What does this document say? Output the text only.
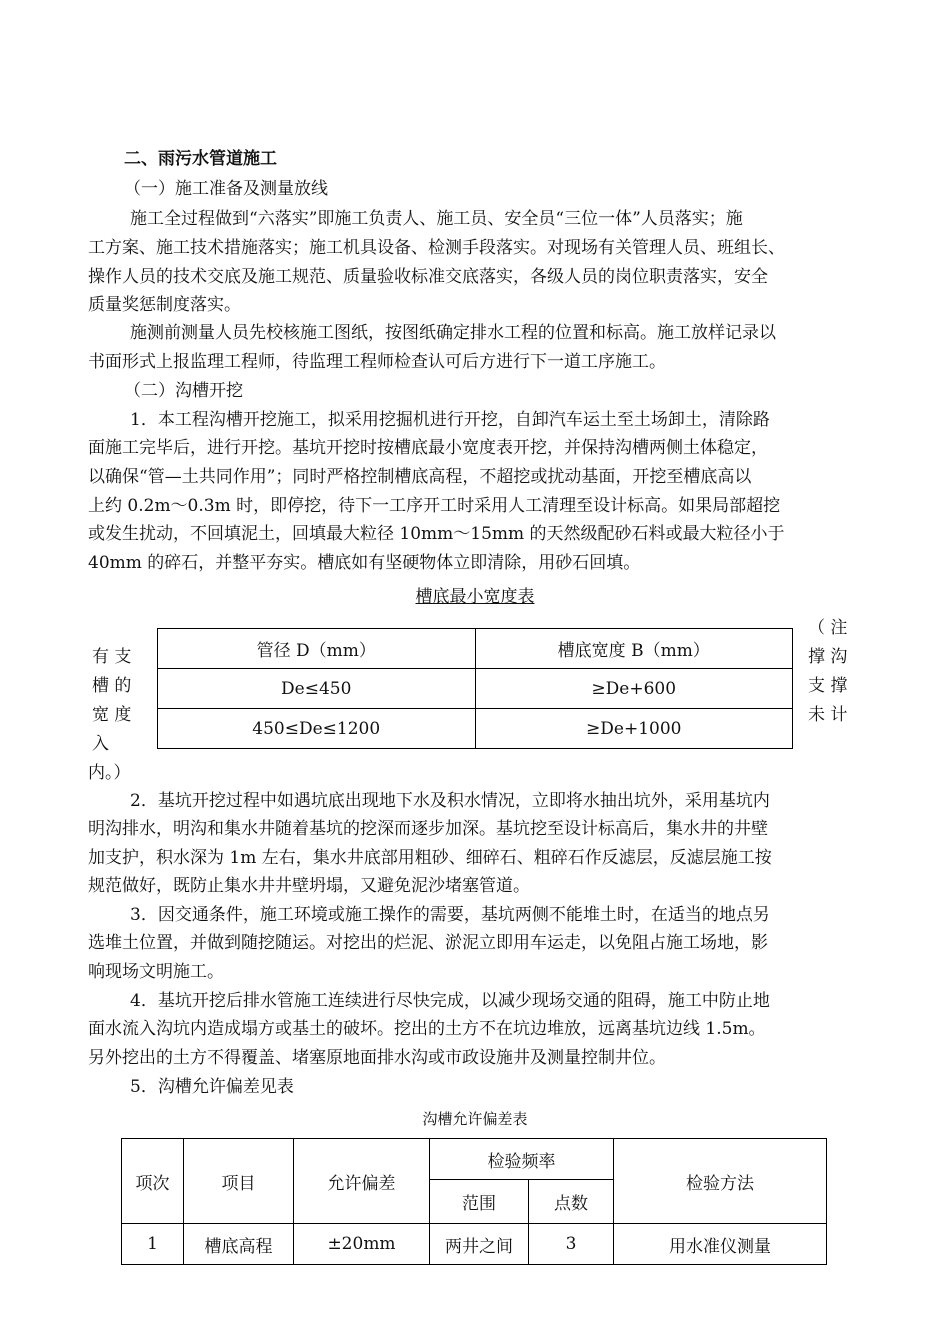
二、雨污水管道施工
（一）施工准备及测量放线
施工全过程做到“六落实”即施工负责人、施工员、安全员“三位一体”人员落实；施
工方案、施工技术措施落实；施工机具设备、检测手段落实。对现场有关管理人员、班组长、
操作人员的技术交底及施工规范、质量验收标准交底落实，各级人员的岗位职责落实，安全
质量奖惩制度落实。
施测前测量人员先校核施工图纸，按图纸确定排水工程的位置和标高。施工放样记录以
书面形式上报监理工程师，待监理工程师检查认可后方进行下一道工序施工。
（二）沟槽开挖
1．本工程沟槽开挖施工，拟采用挖掘机进行开挖，自卸汽车运土至土场卸土，清除路
面施工完毕后，进行开挖。基坑开挖时按槽底最小宽度表开挖，并保持沟槽两侧土体稳定，
以确保“管—土共同作用”；同时严格控制槽底高程，不超挖或扰动基面，开挖至槽底高以
上约 0.2m～0.3m 时，即停挖，待下一工序开工时采用人工清理至设计标高。如果局部超挖
或发生扰动，不回填泥土，回填最大粒径 10mm～15mm 的天然级配砂石料或最大粒径小于
40mm 的碎石，并整平夯实。槽底如有坚硬物体立即清除，用砂石回填。
槽底最小宽度表
（ 注
撑 沟
支 撑
未 计
有 支
槽 的
宽 度
入
管径 D（mm）	槽底宽度 B（mm）
De≤450	≥De+600
450≤De≤1200	≥De+1000
内。）
2．基坑开挖过程中如遇坑底出现地下水及积水情况，立即将水抽出坑外，采用基坑内
明沟排水，明沟和集水井随着基坑的挖深而逐步加深。基坑挖至设计标高后，集水井的井壁
加支护，积水深为 1m 左右，集水井底部用粗砂、细碎石、粗碎石作反滤层，反滤层施工按
规范做好，既防止集水井井壁坍塌，又避免泥沙堵塞管道。
3．因交通条件，施工环境或施工操作的需要，基坑两侧不能堆土时，在适当的地点另
选堆土位置，并做到随挖随运。对挖出的烂泥、淤泥立即用车运走，以免阻占施工场地，影
响现场文明施工。
4．基坑开挖后排水管施工连续进行尽快完成，以减少现场交通的阻碍，施工中防止地
面水流入沟坑内造成塌方或基土的破坏。挖出的土方不在坑边堆放，远离基坑边线 1.5m。
另外挖出的土方不得覆盖、堵塞原地面排水沟或市政设施井及测量控制井位。
5．沟槽允许偏差见表
沟槽允许偏差表
项次	项目	允许偏差	检验频率		检验方法
			范围	点数	
1	槽底高程	±20mm	两井之间	3	用水准仪测量
